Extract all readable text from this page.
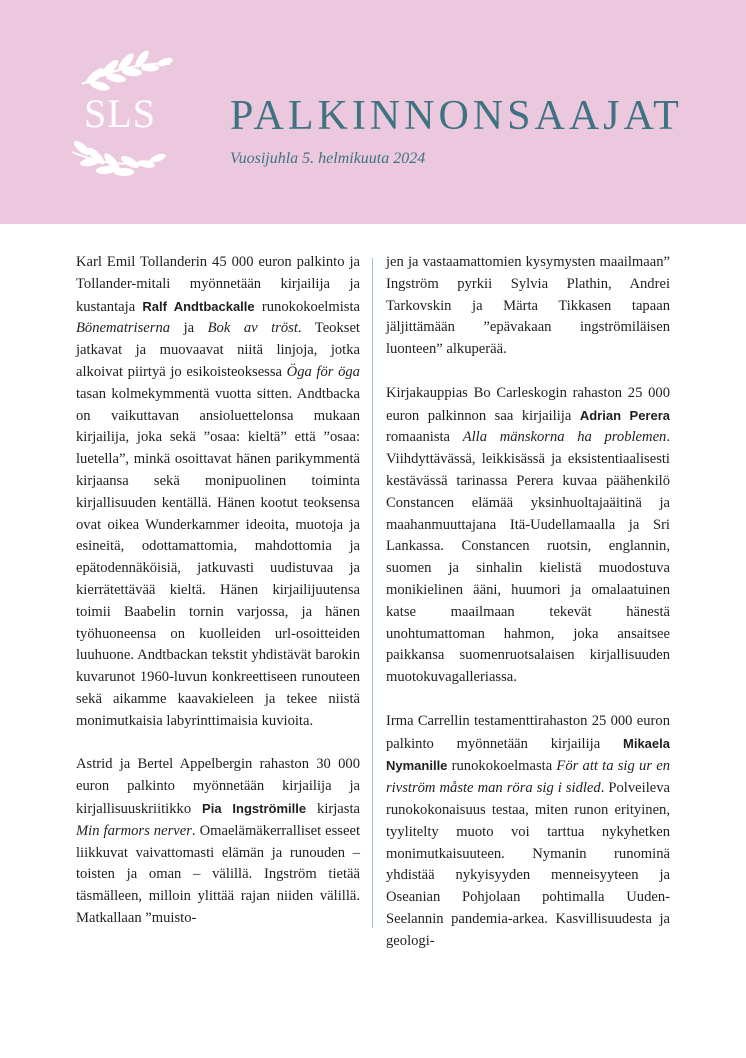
SLS	PALKINNONSAAJAT
Vuosijuhla 5. helmikuuta 2024

Karl Emil Tollanderin 45 000 euron palkinto ja Tollander-mitali myönnetään kirjailija ja kustantaja Ralf Andtbackalle runokokoelmista Bönematriserna ja Bok av tröst. Teokset jatkavat ja muovaavat niitä linjoja, jotka alkoivat piirtyä jo esikoisteoksessa Öga för öga tasan kolmekymmentä vuotta sitten. Andtbacka on vaikuttavan ansioluettelonsa mukaan kirjailija, joka sekä ”osaa: kieltä” että ”osaa: luetella”, minkä osoittavat hänen parikymmentä kirjaansa sekä monipuolinen toiminta kirjallisuuden kentällä. Hänen kootut teoksensa ovat oikea Wunderkammer ideoita, muotoja ja esineitä, odottamattomia, mahdottomia ja epätodennäköisiä, jatkuvasti uudistuvaa ja kierrätettävää kieltä. Hänen kirjailijuutensa toimii Baabelin tornin varjossa, ja hänen työhuoneensa on kuolleiden url-osoitteiden luuhuone. Andtbackan tekstit yhdistävät barokin kuvarunot 1960-luvun konkreettiseen runouteen sekä aikamme kaavakieleen ja tekee niistä monimutkaisia labyrinttimaisia kuvioita.

Astrid ja Bertel Appelbergin rahaston 30 000 euron palkinto myönnetään kirjailija ja kirjallisuuskriitikko Pia Ingströmille kirjasta Min farmors nerver. Omaelämäkerralliset esseet liikkuvat vaivattomasti elämän ja runouden – toisten ja oman – välillä. Ingström tietää täsmälleen, milloin ylittää rajan niiden välillä. Matkallaan ”muisto-

jen ja vastaamattomien kysymysten maailmaan” Ingström pyrkii Sylvia Plathin, Andrei Tarkovskin ja Märta Tikkasen tapaan jäljittämään ”epävakaan ingströmiläisen luonteen” alkuperää.

Kirjakauppias Bo Carleskogin rahaston 25 000 euron palkinnon saa kirjailija Adrian Perera romaanista Alla mänskorna ha problemen. Viihdyttävässä, leikkisässä ja eksistentiaalisesti kestävässä tarinassa Perera kuvaa päähenkilö Constancen elämää yksinhuoltajaäitinä ja maahanmuuttajana Itä-Uudellamaalla ja Sri Lankassa. Constancen ruotsin, englannin, suomen ja sinhalin kielistä muodostuva monikielinen ääni, huumori ja omalaatuinen katse maailmaan tekevät hänestä unohtumattoman hahmon, joka ansaitsee paikkansa suomenruotsalaisen kirjallisuuden muotokuvagalleriassa.

Irma Carrellin testamenttirahaston 25 000 euron palkinto myönnetään kirjailija Mikaela Nymanille runokokoelmasta För att ta sig ur en rivström måste man röra sig i sidled. Polveileva runokokonaisuus testaa, miten runon erityinen, tyylitelty muoto voi tarttua nykyhetken monimutkaisuuteen. Nymanin runominä yhdistää nykyisyyden menneisyyteen ja Oseanian Pohjolaan pohtimalla Uuden-Seelannin pandemia-arkea. Kasvillisuudesta ja geologi-
